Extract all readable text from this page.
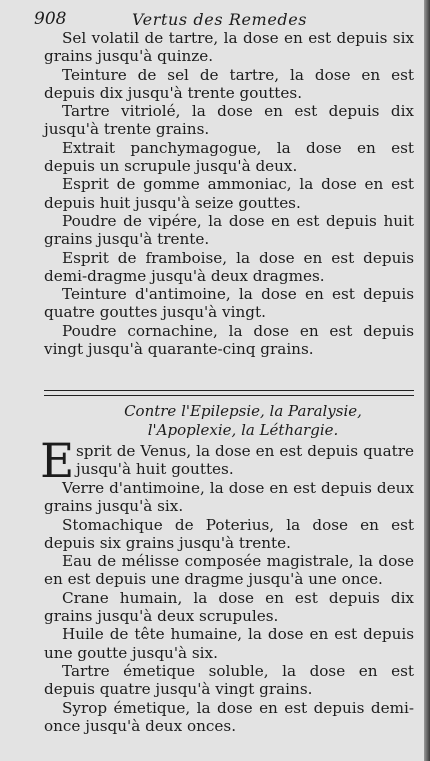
908	Vertus des Remedes

Sel volatil de tartre, la dose en est depuis six grains jusqu'à quinze.

Teinture de sel de tartre, la dose en est depuis dix jusqu'à trente gouttes.

Tartre vitriolé, la dose en est depuis dix jusqu'à trente grains.

Extrait panchymagogue, la dose en est depuis un scrupule jusqu'à deux.

Esprit de gomme ammoniac, la dose en est depuis huit jusqu'à seize gouttes.

Poudre de vipére, la dose en est depuis huit grains jusqu'à trente.

Esprit de framboise, la dose en est depuis demi-dragme jusqu'à deux dragmes.

Teinture d'antimoine, la dose en est depuis quatre gouttes jusqu'à vingt.

Poudre cornachine, la dose en est depuis vingt jusqu'à quarante-cinq grains.

Contre l'Epilepsie, la Paralysie, l'Apoplexie, la Léthargie.
E sprit de Venus, la dose en est depuis quatre jusqu'à huit gouttes.

Verre d'antimoine, la dose en est depuis deux grains jusqu'à six.

Stomachique de Poterius, la dose en est depuis six grains jusqu'à trente.

Eau de mélisse composée magistrale, la dose en est depuis une dragme jusqu'à une once.

Crane humain, la dose en est depuis dix grains jusqu'à deux scrupules.

Huile de tête humaine, la dose en est depuis une goutte jusqu'à six.

Tartre émetique soluble, la dose en est depuis quatre jusqu'à vingt grains.

Syrop émetique, la dose en est depuis demi-once jusqu'à deux onces.
